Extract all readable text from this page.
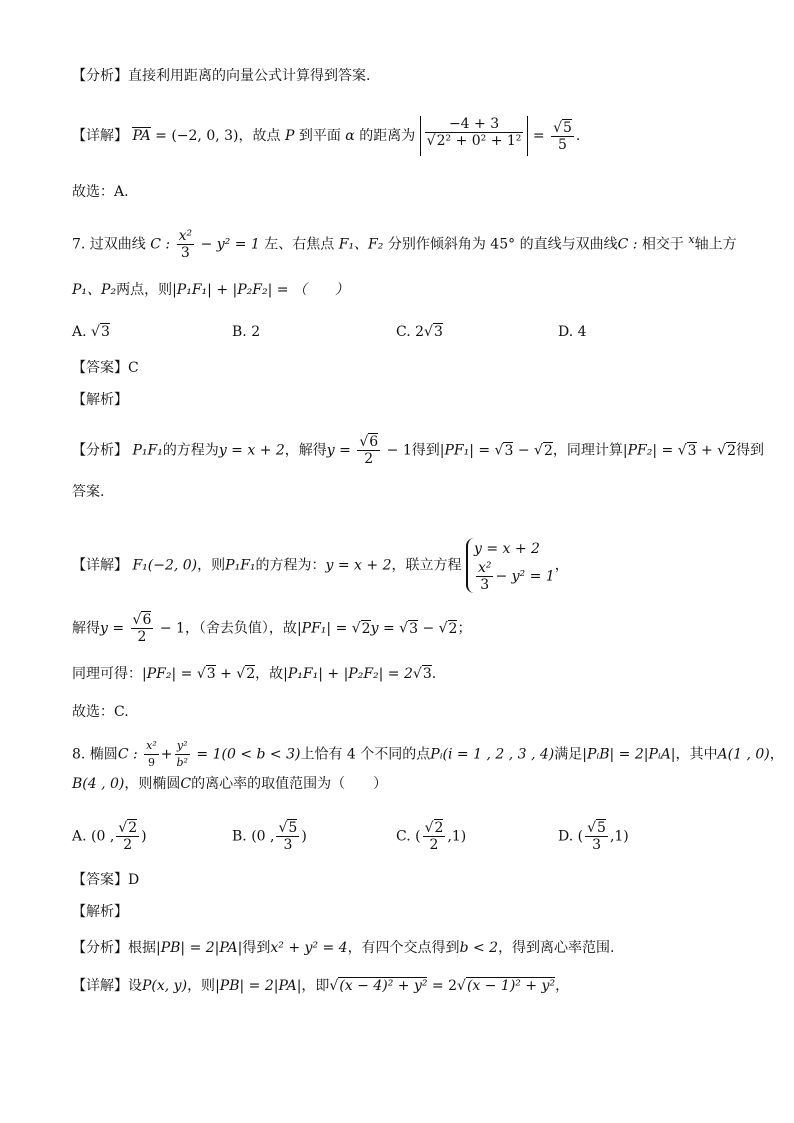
【分析】直接利用距离的向量公式计算得到答案.
【详解】 PA = (−2, 0, 3)，故点 P 到平面 α 的距离为 $\frac{-4 + 3}{\text{√2² + 0² + 1²}} = \frac{√5}{5}$ .
故选：A.
7. 过双曲线 C : $\frac{\text{x²}}{3} - y^2 = 1$ 左、右焦点 F₁、F₂ 分别作倾斜角为 45° 的直线与双曲线C : 相交于 $^x$轴上方
P₁、P₂两点，则|P₁F₁| + |P₂F₂| = （　　）
A. √3	B. 2	C. 2√3	D. 4
【答案】C
【解析】
【分析】 P₁F₁的方程为y = x + 2，解得$y = \frac{√6}{2} - 1$得到|PF₁| = √3 − √2，同理计算|PF₂| = √3 + √2得到
答案.
【详解】 F₁(−2, 0)，则P₁F₁的方程为：y = x + 2，联立方程
y = x + 2
$\frac{\text{x²}}{3} - y^2 = 1$
，
解得$y = \frac{√6}{2} - 1$，（舍去负值），故|PF₁| = √2y = √3 − √2；
同理可得：|PF₂| = √3 + √2，故|P₁F₁| + |P₂F₂| = 2√3.
故选：C.
8. 椭圆C : $\frac{\text{x²}}{9} + \frac{\text{y²}}{\text{b²}} = 1(0 < b < 3)$上恰有 4 个不同的点Pᵢ(i = 1 , 2 , 3 , 4)满足|PᵢB| = 2|PᵢA|，其中A(1 , 0)，
B(4 , 0)，则椭圆C的离心率的取值范围为（　　）
A. (0 , $\frac{√2}{2}$ )	B. (0 , $\frac{√5}{3}$ )	C. ( $\frac{√2}{2} ,1$)	D. ( $\frac{√5}{3} ,1$)
【答案】D
【解析】
【分析】根据|PB| = 2|PA|得到x² + y² = 4，有四个交点得到b < 2，得到离心率范围.
【详解】设P(x, y)，则|PB| = 2|PA|，即√(x − 4)² + y² = 2√(x − 1)² + y²，
